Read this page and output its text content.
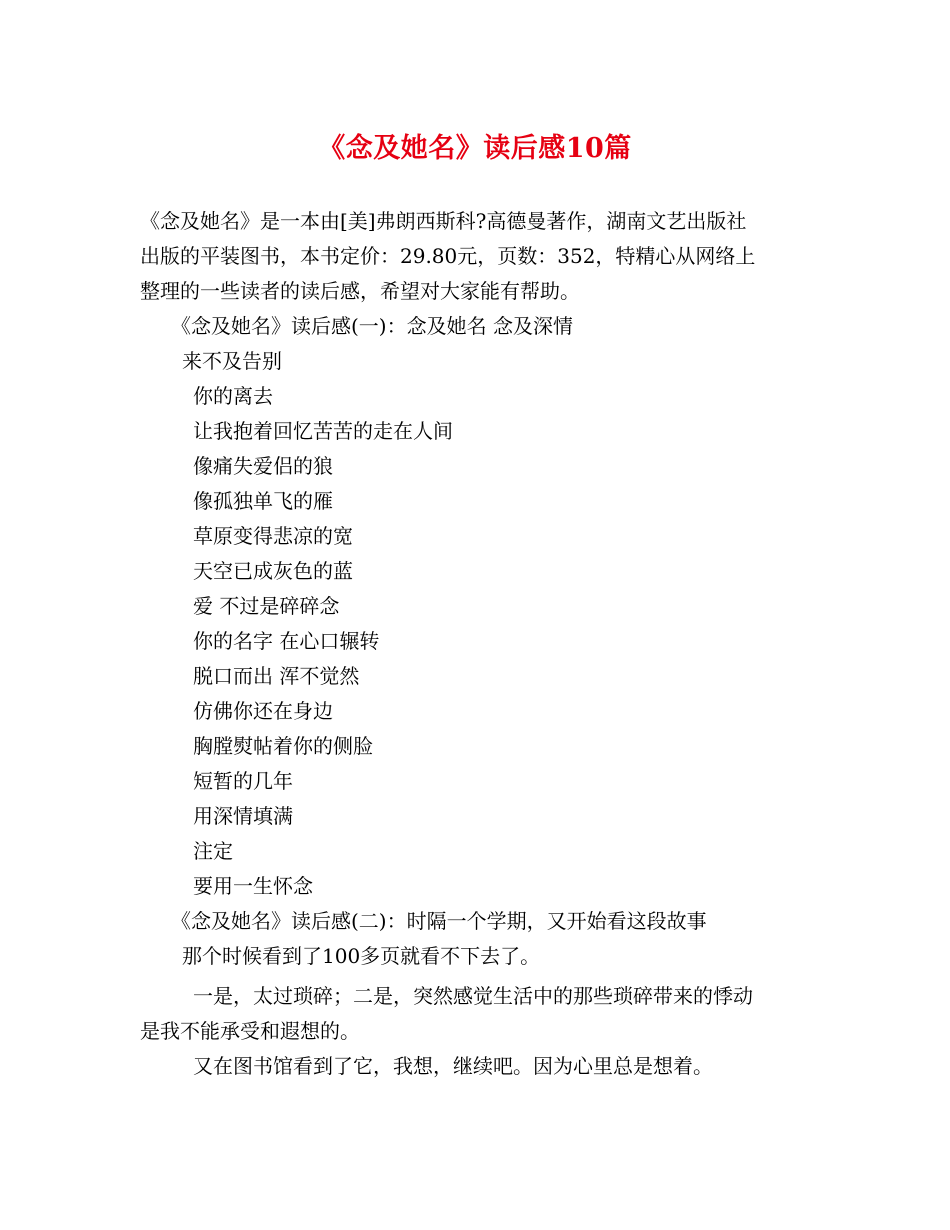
《念及她名》读后感10篇
《念及她名》是一本由[美]弗朗西斯科?高德曼著作，湖南文艺出版社
出版的平装图书，本书定价：29.80元，页数：352，特精心从网络上
整理的一些读者的读后感，希望对大家能有帮助。
《念及她名》读后感(一)：念及她名 念及深情
来不及告别
你的离去
让我抱着回忆苦苦的走在人间
像痛失爱侣的狼
像孤独单飞的雁
草原变得悲凉的宽
天空已成灰色的蓝
爱 不过是碎碎念
你的名字 在心口辗转
脱口而出 浑不觉然
仿佛你还在身边
胸膛熨帖着你的侧脸
短暂的几年
用深情填满
注定
要用一生怀念
《念及她名》读后感(二)：时隔一个学期，又开始看这段故事
那个时候看到了100多页就看不下去了。
一是，太过琐碎；二是，突然感觉生活中的那些琐碎带来的悸动
是我不能承受和遐想的。
又在图书馆看到了它，我想，继续吧。因为心里总是想着。
